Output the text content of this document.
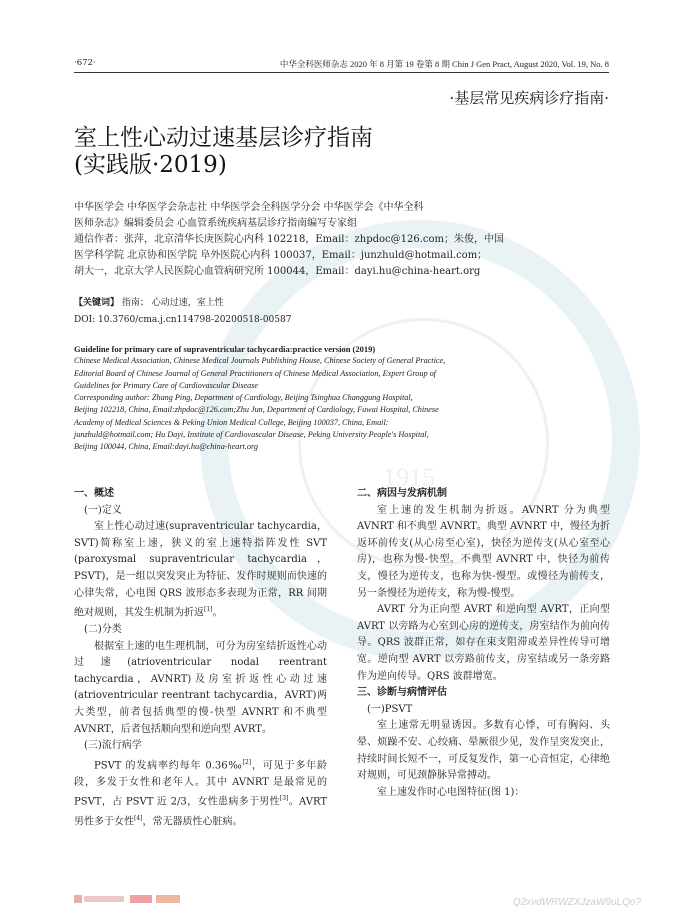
1915
·672·	中华全科医师杂志 2020 年 8 月第 19 卷第 8 期 Chin J Gen Pract, August 2020, Vol. 19, No. 8
·基层常见疾病诊疗指南·
室上性心动过速基层诊疗指南
(实践版·2019)

中华医学会 中华医学会杂志社 中华医学会全科医学分会 中华医学会《中华全科

医师杂志》编辑委员会 心血管系统疾病基层诊疗指南编写专家组

通信作者：张萍，北京清华长庚医院心内科 102218，Email：zhpdoc@126.com；朱俊，中国

医学科学院 北京协和医学院 阜外医院心内科 100037，Email：junzhuld@hotmail.com；

胡大一，北京大学人民医院心血管病研究所 100044，Email：dayi.hu@china-heart.org

【关键词】 指南； 心动过速，室上性
DOI: 10.3760/cma.j.cn114798-20200518-00587

Guideline for primary care of supraventricular tachycardia:practice version (2019)

Chinese Medical Association, Chinese Medical Journals Publishing House, Chinese Society of General Practice,

Editorial Board of Chinese Journal of General Practitioners of Chinese Medical Association, Expert Group of

Guidelines for Primary Care of Cardiovascular Disease

Corresponding author: Zhang Ping, Department of Cardiology, Beijing Tsinghua Changgung Hospital,

Beijing 102218, China, Email:zhpdoc@126.com;Zhu Jun, Department of Cardiology, Fuwai Hospital, Chinese

Academy of Medical Sciences & Peking Union Medical College, Beijing 100037, China, Email:

junzhuld@hotmail.com; Hu Dayi, Institute of Cardiovascular Disease, Peking University People's Hospital,

Beijing 100044, China, Email:dayi.hu@china-heart.org

一、概述

(一)定义

室上性心动过速(supraventricular tachycardia，SVT)简称室上速，狭义的室上速特指阵发性 SVT (paroxysmal supraventricular tachycardia，PSVT)，是一组以突发突止为特征、发作时规则而快速的心律失常，心电图 QRS 波形态多表现为正常，RR 间期绝对规则，其发生机制为折返[1]。

(二)分类

根据室上速的电生理机制，可分为房室结折返性心动过速(atrioventricular nodal reentrant tachycardia，AVNRT)及房室折返性心动过速(atrioventricular reentrant tachycardia，AVRT)两大类型，前者包括典型的慢-快型 AVNRT 和不典型 AVNRT，后者包括顺向型和逆向型 AVRT。

(三)流行病学

PSVT 的发病率约每年 0.36‰[2]，可见于多年龄段，多发于女性和老年人。其中 AVNRT 是最常见的 PSVT，占 PSVT 近 2/3，女性患病多于男性[3]。AVRT 男性多于女性[4]，常无器质性心脏病。

二、病因与发病机制

室上速的发生机制为折返。AVNRT 分为典型 AVNRT 和不典型 AVNRT。典型 AVNRT 中，慢径为折返环前传支(从心房至心室)，快径为逆传支(从心室至心房)，也称为慢-快型。不典型 AVNRT 中，快径为前传支，慢径为逆传支，也称为快-慢型。或慢径为前传支，另一条慢径为逆传支，称为慢-慢型。

AVRT 分为正向型 AVRT 和逆向型 AVRT，正向型 AVRT 以旁路为心室到心房的逆传支，房室结作为前向传导。QRS 波群正常，如存在束支阻滞或差异性传导可增宽。逆向型 AVRT 以旁路前传支，房室结或另一条旁路作为逆向传导。QRS 波群增宽。

三、诊断与病情评估

(一)PSVT

室上速常无明显诱因。多数有心悸，可有胸闷、头晕、烦躁不安、心绞痛、晕厥很少见，发作呈突发突止，持续时间长短不一，可反复发作，第一心音恒定，心律绝对规则，可见颈静脉异常搏动。

室上速发作时心电图特征(图 1)：

Q2xvdWRWZXJzaW9uLQo?
